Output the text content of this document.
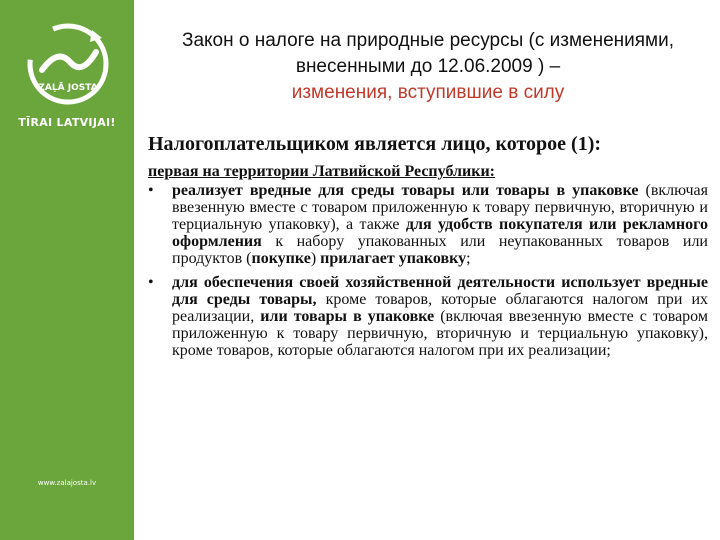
ZAĻĀ JOSTA
TĪRAI LATVIJAI!
www.zalajosta.lv
Закон о налоге на природные ресурсы (с изменениями, внесенными до 12.06.2009 ) –
изменения, вступившие в силу
Налогоплательщиком является лицо, которое (1):
первая на территории Латвийской Республики:
• реализует вредные для среды товары или товары в упаковке (включая ввезенную вместе с товаром приложенную к товару первичную, вторичную и терциальную упаковку), а также для удобств покупателя или рекламного оформления к набору упакованных или неупакованных товаров или продуктов (покупке) прилагает упаковку;
• для обеспечения своей хозяйственной деятельности использует вредные для среды товары, кроме товаров, которые облагаются налогом при их реализации, или товары в упаковке (включая ввезенную вместе с товаром приложенную к товару первичную, вторичную и терциальную упаковку), кроме товаров, которые облагаются налогом при их реализации;
